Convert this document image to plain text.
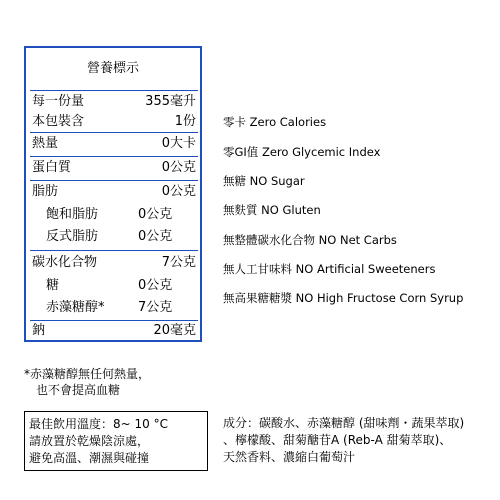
營養標示
每一份量	355毫升
本包裝含	1份
熱量	0大卡
蛋白質	0公克
脂肪	0公克
飽和脂肪	0公克
反式脂肪	0公克
碳水化合物	7公克
糖	0公克
赤藻糖醇*	7公克
鈉	20毫克
*赤藻糖醇無任何熱量，
也不會提高血糖
零卡 Zero Calories
零GI值 Zero Glycemic Index
無糖 NO Sugar
無麩質 NO Gluten
無整體碳水化合物 NO Net Carbs
無人工甘味料 NO Artificial Sweeteners
無高果糖糖漿 NO High Fructose Corn Syrup
最佳飲用溫度：8~ 10 °C
請放置於乾燥陰涼處，
避免高溫、潮濕與碰撞
成分：碳酸水、赤藻糖醇 (甜味劑・蔬果萃取)
、檸檬酸、甜菊醣苷A (Reb-A 甜菊萃取)、
天然香料、濃縮白葡萄汁
